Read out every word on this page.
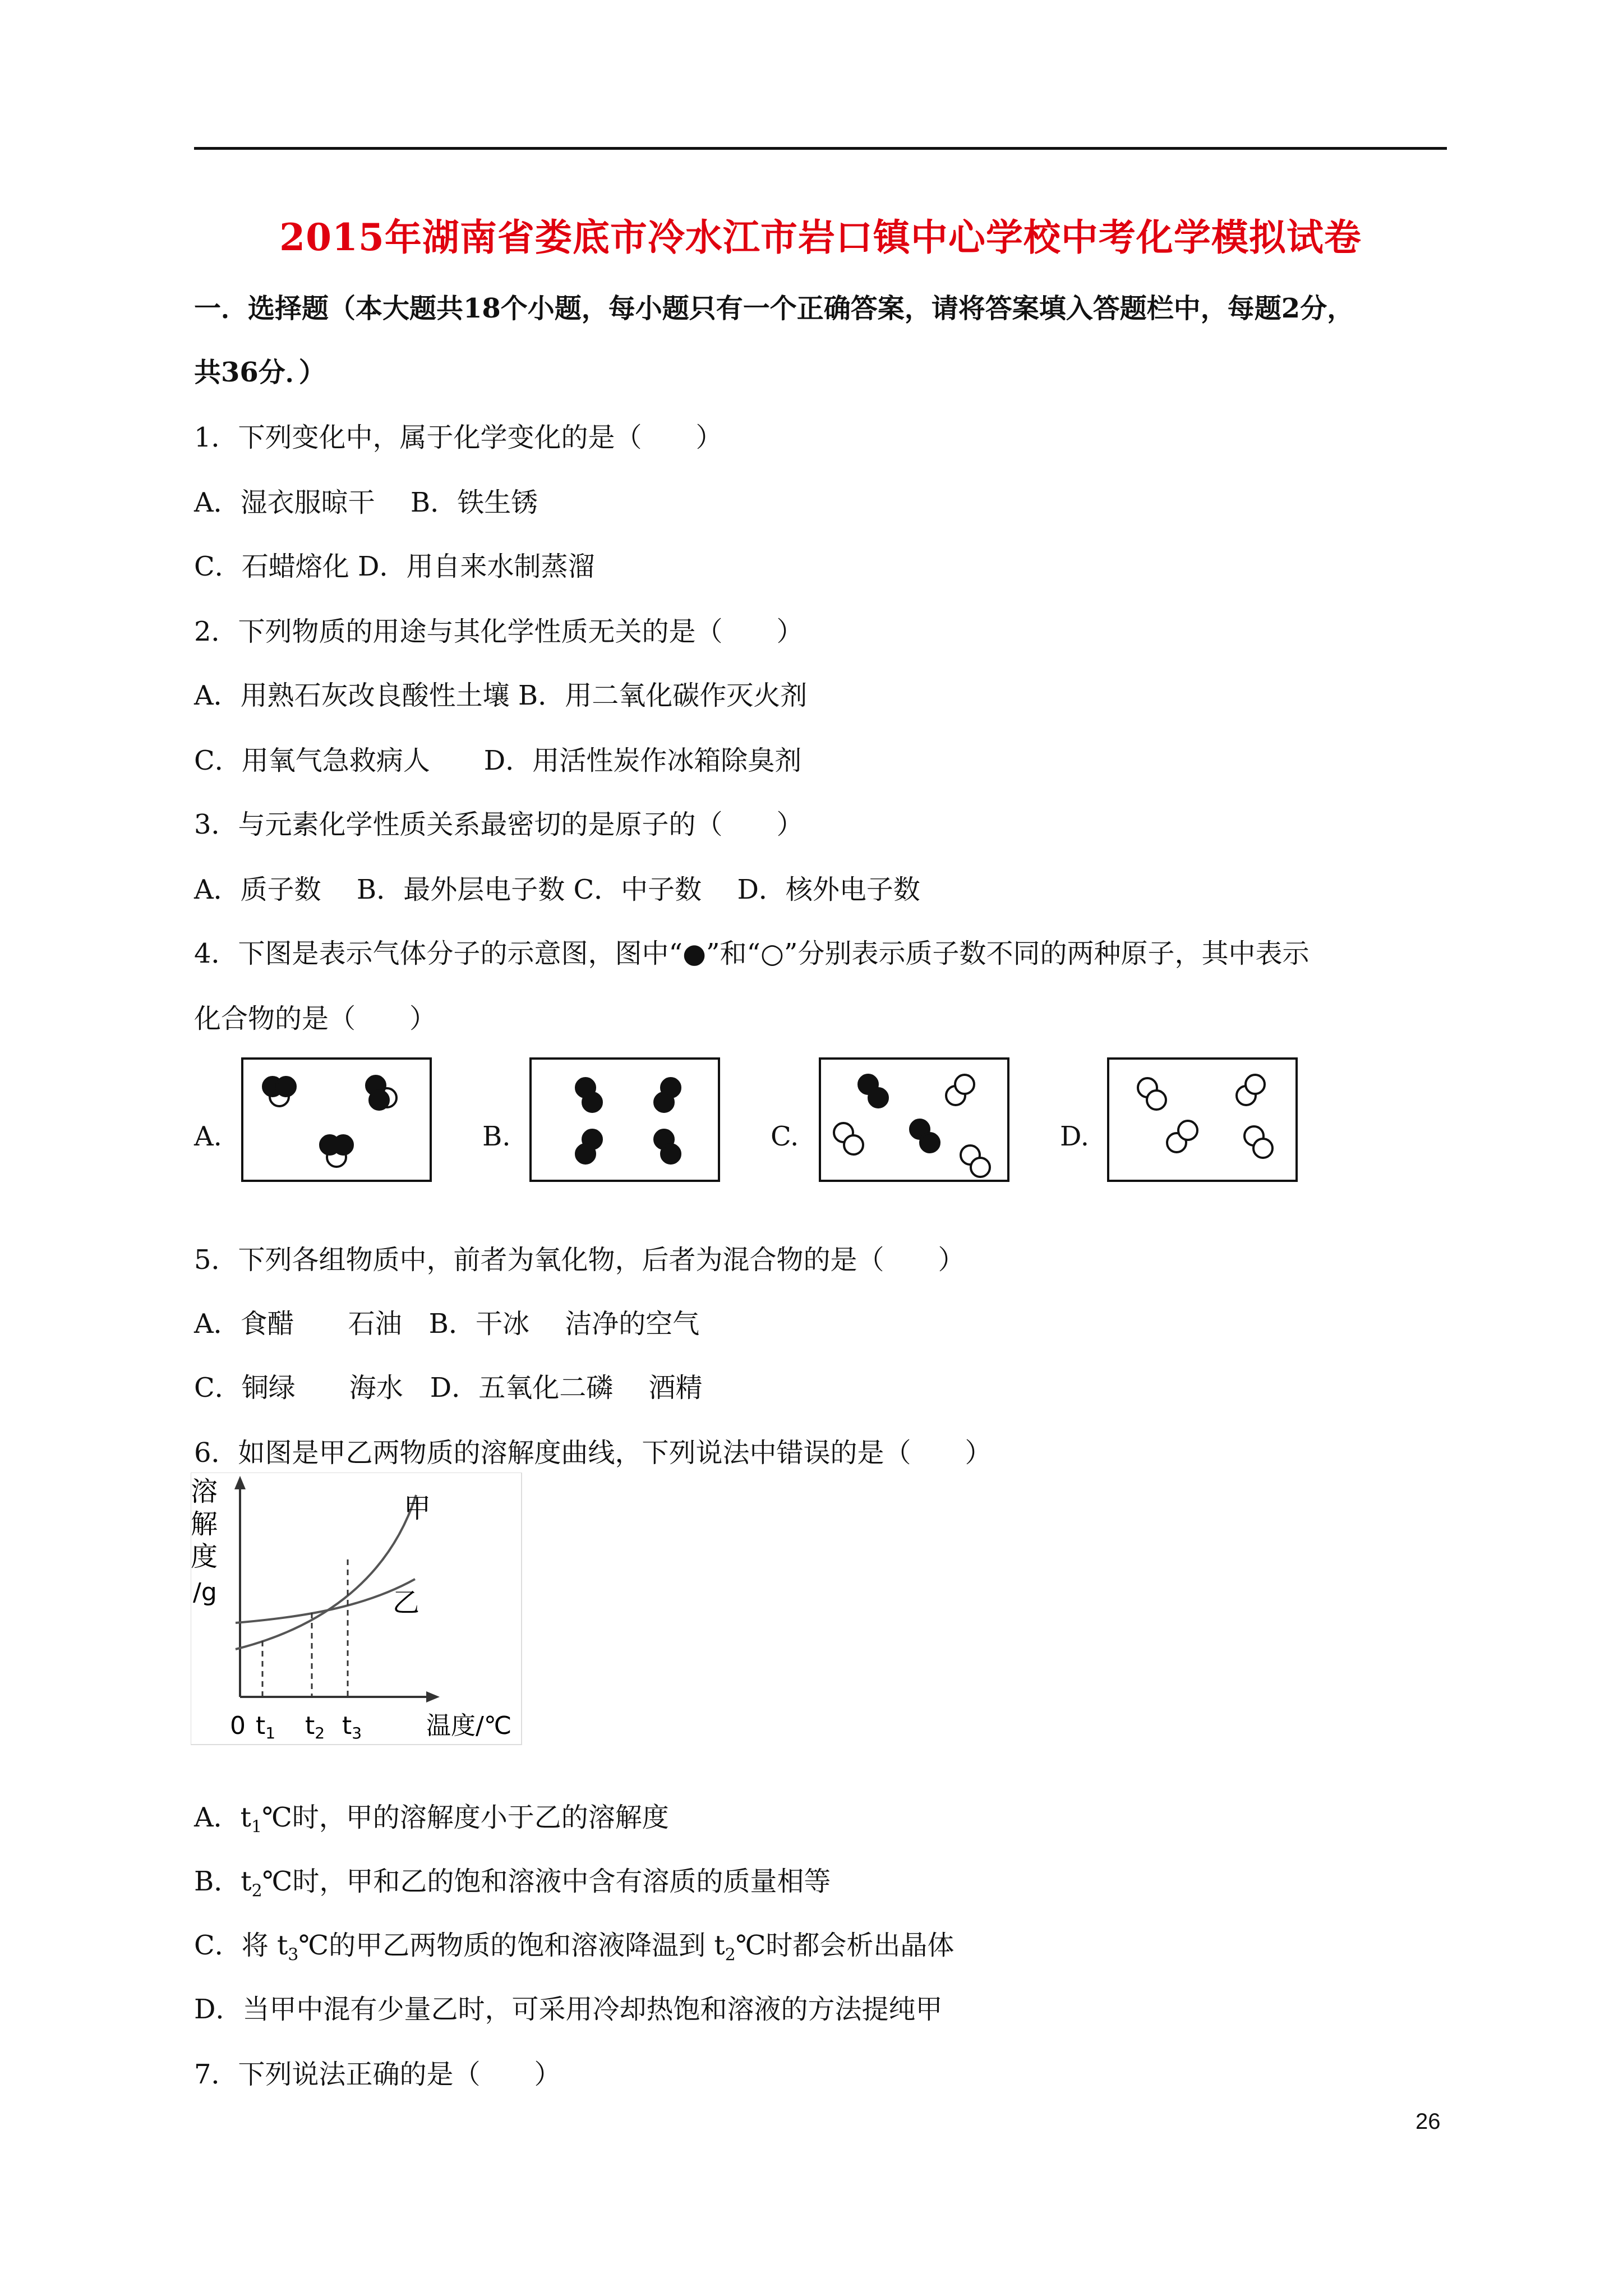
2015年湖南省娄底市冷水江市岩口镇中心学校中考化学模拟试卷
一．选择题（本大题共18个小题，每小题只有一个正确答案，请将答案填入答题栏中，每题2分，
共36分．）
1．下列变化中，属于化学变化的是（　　）
A．湿衣服晾干　 B．铁生锈
C．石蜡熔化 D．用自来水制蒸溜
2．下列物质的用途与其化学性质无关的是（　　）
A．用熟石灰改良酸性土壤 B．用二氧化碳作灭火剂
C．用氧气急救病人　　D．用活性炭作冰箱除臭剂
3．与元素化学性质关系最密切的是原子的（　　）
A．质子数　 B．最外层电子数 C．中子数　 D．核外电子数
4．下图是表示气体分子的示意图，图中“●”和“○”分别表示质子数不同的两种原子，其中表示
化合物的是（　　）
A.	B.	C.	D.
5．下列各组物质中，前者为氧化物，后者为混合物的是（　　）
A．食醋　　石油　B．干冰　 洁净的空气
C．铜绿　　海水　D．五氧化二磷　 酒精
6．如图是甲乙两物质的溶解度曲线，下列说法中错误的是（　　）
溶
解
度
/g
甲
乙
0 t1 t2 t3	温度/℃
A．$t_1℃$时，甲的溶解度小于乙的溶解度
B．$t_2℃$时，甲和乙的饱和溶液中含有溶质的质量相等
C．将 $t_3℃$的甲乙两物质的饱和溶液降温到 $t_2℃$时都会析出晶体
D．当甲中混有少量乙时，可采用冷却热饱和溶液的方法提纯甲
7．下列说法正确的是（　　）
26
